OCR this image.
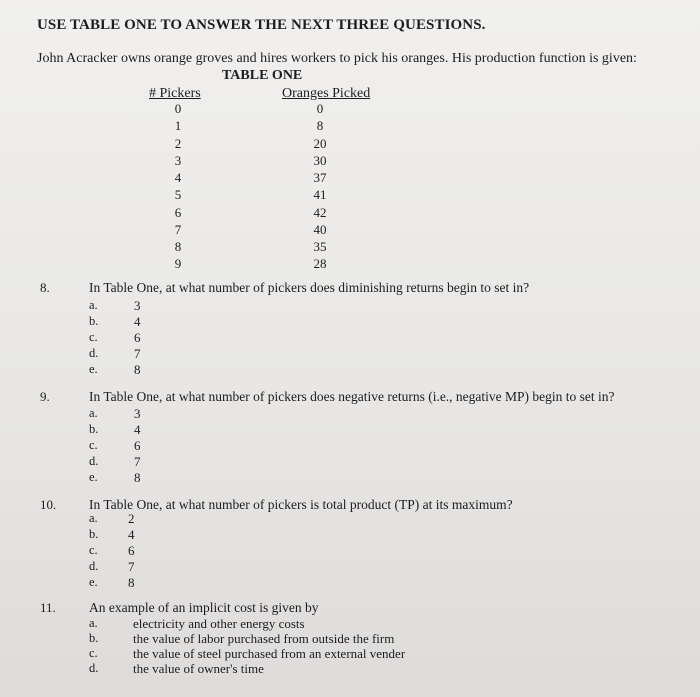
USE TABLE ONE TO ANSWER THE NEXT THREE QUESTIONS.
John Acracker owns orange groves and hires workers to pick his oranges. His production function is given:
TABLE ONE
# Pickers	Oranges Picked
0	0
1	8
2	20
3	30
4	37
5	41
6	42
7	40
8	35
9	28
8.	In Table One, at what number of pickers does diminishing returns begin to set in?
a.	3
b.	4
c.	6
d.	7
e.	8
9.	In Table One, at what number of pickers does negative returns (i.e., negative MP) begin to set in?
a.	3
b.	4
c.	6
d.	7
e.	8
10. In Table One, at what number of pickers is total product (TP) at its maximum?
a. 2
b. 4
c. 6
d. 7
e. 8
11. An example of an implicit cost is given by
a.	electricity and other energy costs
b.	the value of labor purchased from outside the firm
c.	the value of steel purchased from an external vender
d.	the value of owner's time
